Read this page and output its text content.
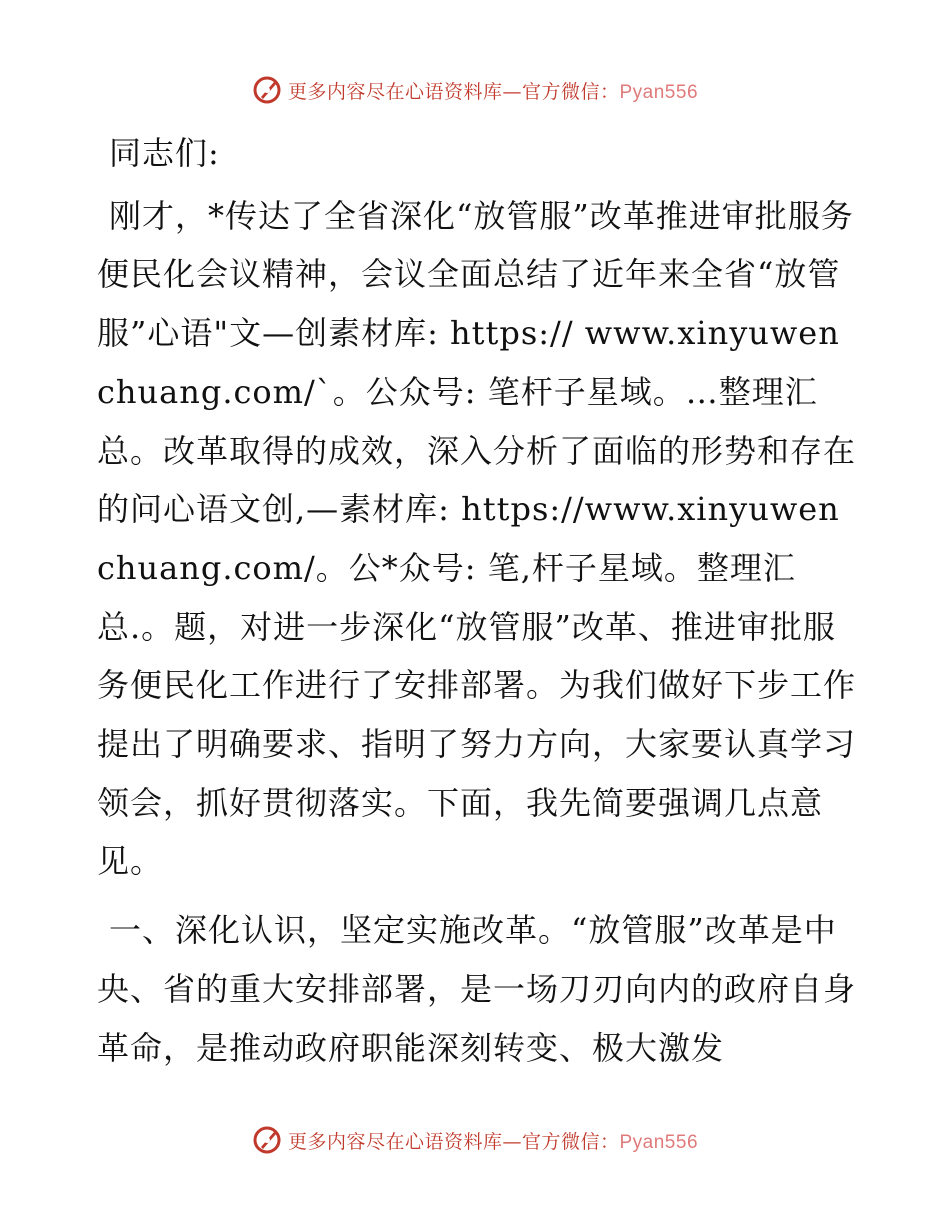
更多内容尽在心语资料库—官方微信：Pyan556

同志们:

刚才，*传达了全省深化“放管服”改革推进审批服务便民化会议精神，会议全面总结了近年来全省“放管服”心语"文—创素材库: https:// www.xinyuwenchuang.com/`。公众号: 笔杆子星域。…整理汇总。改革取得的成效，深入分析了面临的形势和存在的问心语文创,—素材库: https://www.xinyuwenchuang.com/。公*众号: 笔,杆子星域。整理汇总.。题，对进一步深化“放管服”改革、推进审批服务便民化工作进行了安排部署。为我们做好下步工作提出了明确要求、指明了努力方向，大家要认真学习领会，抓好贯彻落实。下面，我先简要强调几点意见。

一、深化认识，坚定实施改革。“放管服”改革是中央、省的重大安排部署，是一场刀刃向内的政府自身革命，是推动政府职能深刻转变、极大激发

更多内容尽在心语资料库—官方微信：Pyan556
